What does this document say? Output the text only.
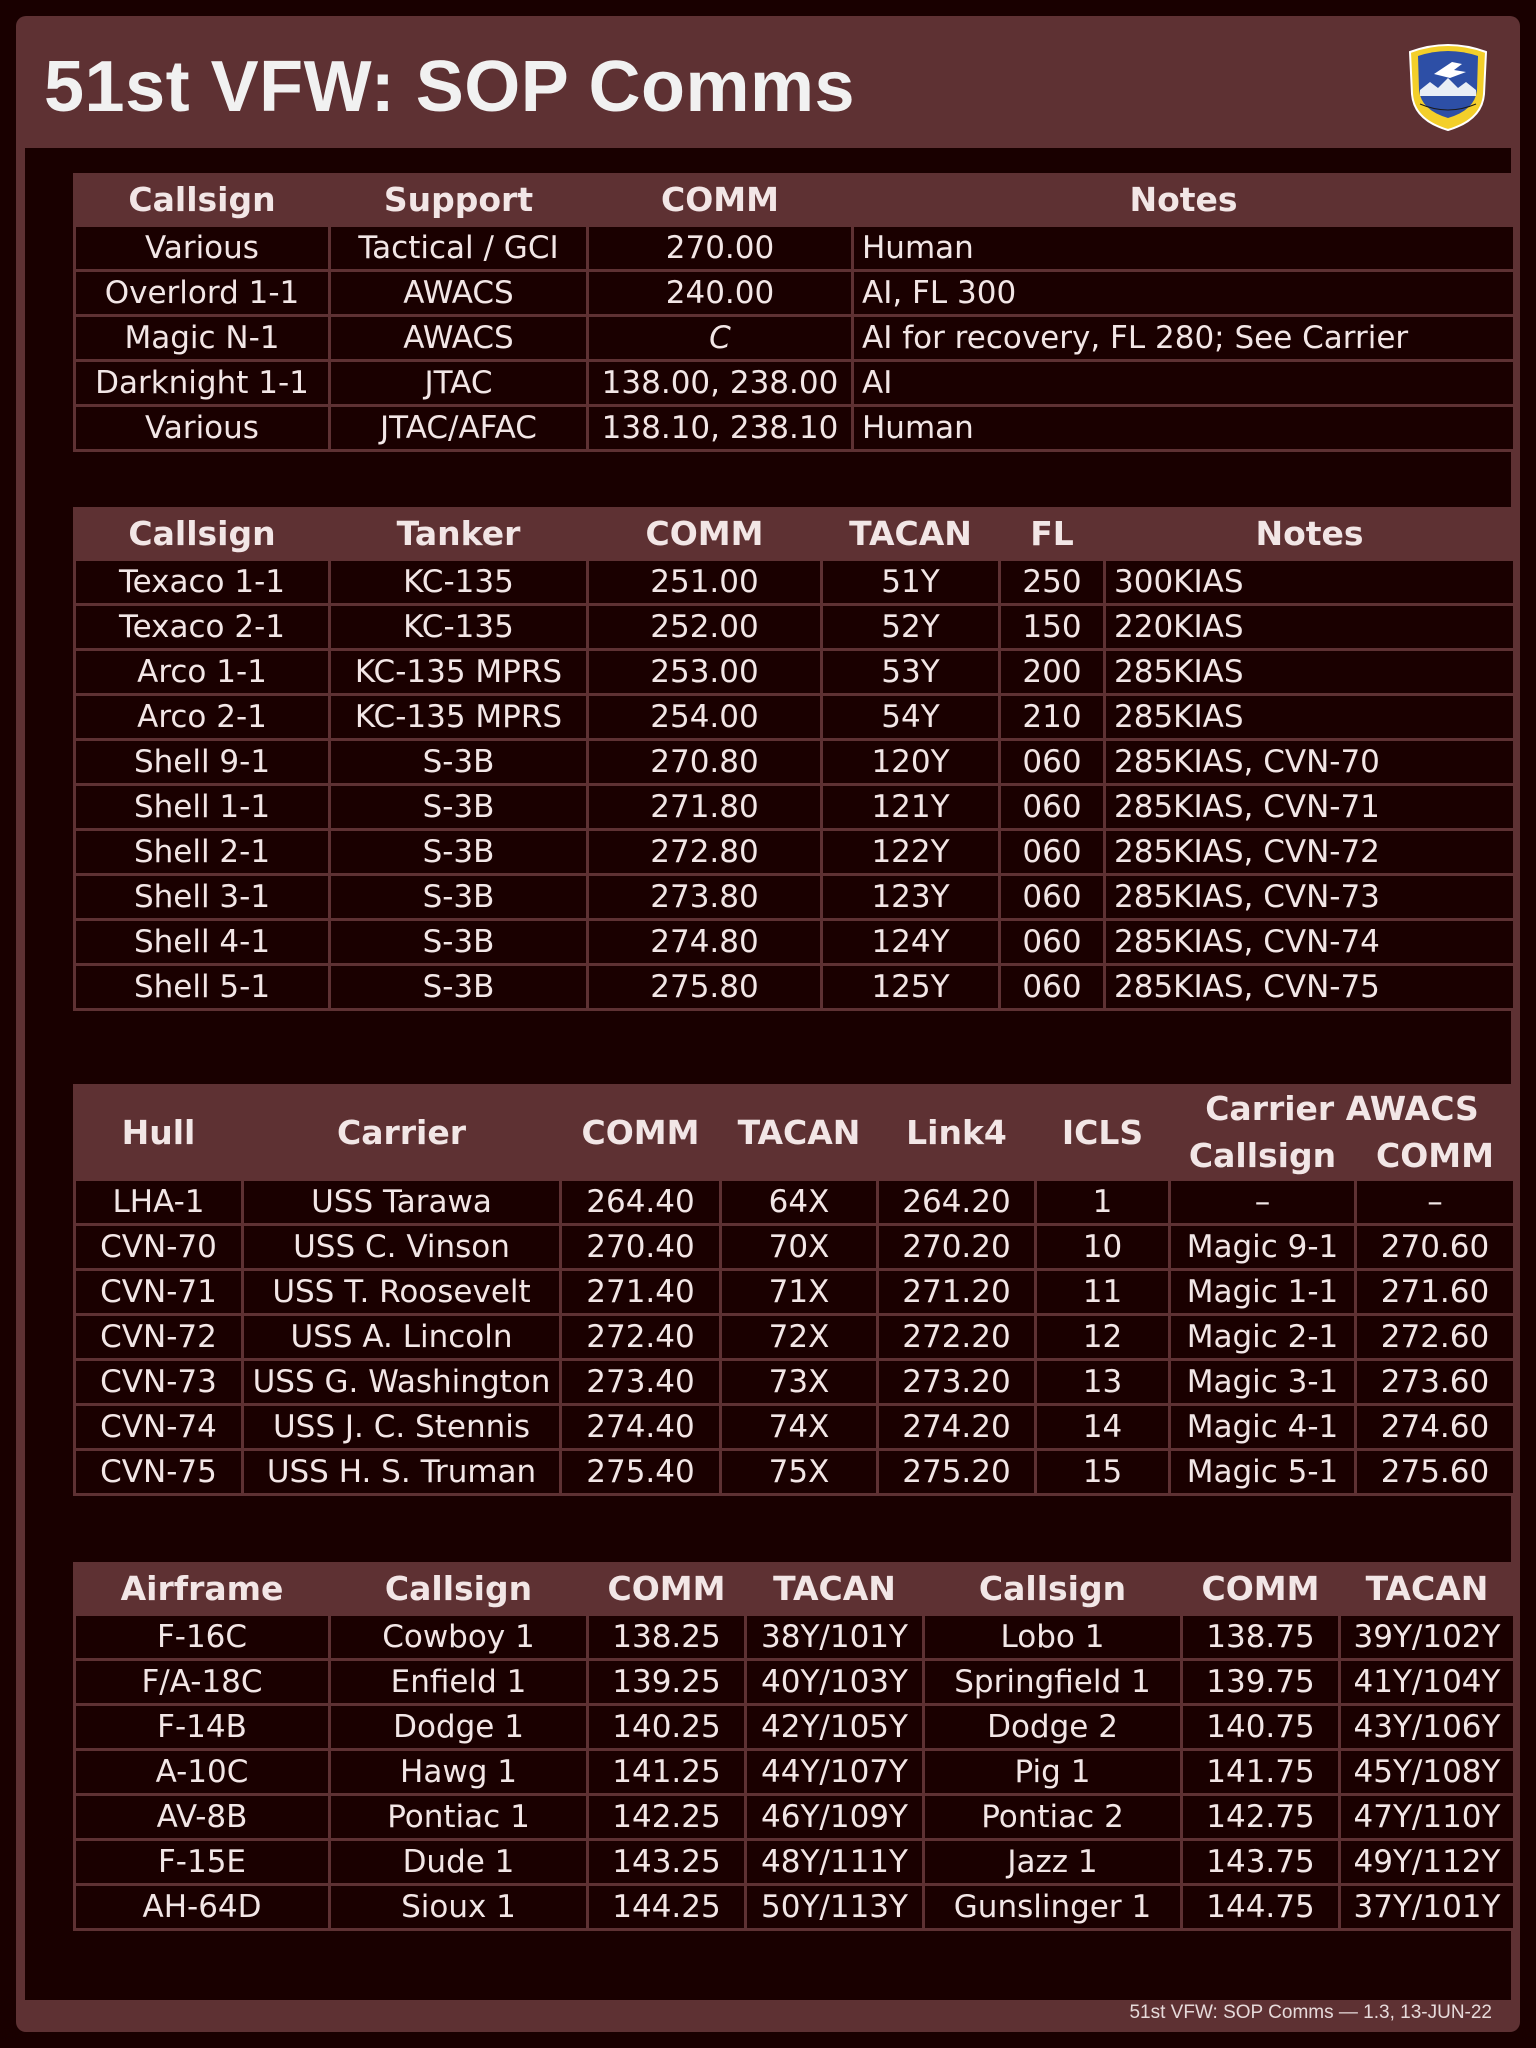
51st VFW: SOP Comms
Callsign	Support	COMM	Notes
Various	Tactical / GCI	270.00	Human
Overlord 1-1	AWACS	240.00	AI, FL 300
Magic N-1	AWACS	C	AI for recovery, FL 280; See Carrier
Darknight 1-1	JTAC	138.00, 238.00	AI
Various	JTAC/AFAC	138.10, 238.10	Human
Callsign	Tanker	COMM	TACAN	FL	Notes
Texaco 1-1	KC-135	251.00	51Y	250	300KIAS
Texaco 2-1	KC-135	252.00	52Y	150	220KIAS
Arco 1-1	KC-135 MPRS	253.00	53Y	200	285KIAS
Arco 2-1	KC-135 MPRS	254.00	54Y	210	285KIAS
Shell 9-1	S-3B	270.80	120Y	060	285KIAS, CVN-70
Shell 1-1	S-3B	271.80	121Y	060	285KIAS, CVN-71
Shell 2-1	S-3B	272.80	122Y	060	285KIAS, CVN-72
Shell 3-1	S-3B	273.80	123Y	060	285KIAS, CVN-73
Shell 4-1	S-3B	274.80	124Y	060	285KIAS, CVN-74
Shell 5-1	S-3B	275.80	125Y	060	285KIAS, CVN-75
Hull	Carrier	COMM	TACAN	Link4	ICLS	Carrier AWACS	
						Callsign	COMM
LHA-1	USS Tarawa	264.40	64X	264.20	1	–	–
CVN-70	USS C. Vinson	270.40	70X	270.20	10	Magic 9-1	270.60
CVN-71	USS T. Roosevelt	271.40	71X	271.20	11	Magic 1-1	271.60
CVN-72	USS A. Lincoln	272.40	72X	272.20	12	Magic 2-1	272.60
CVN-73	USS G. Washington	273.40	73X	273.20	13	Magic 3-1	273.60
CVN-74	USS J. C. Stennis	274.40	74X	274.20	14	Magic 4-1	274.60
CVN-75	USS H. S. Truman	275.40	75X	275.20	15	Magic 5-1	275.60
Airframe	Callsign	COMM	TACAN	Callsign	COMM	TACAN
F-16C	Cowboy 1	138.25	38Y/101Y	Lobo 1	138.75	39Y/102Y
F/A-18C	Enfield 1	139.25	40Y/103Y	Springfield 1	139.75	41Y/104Y
F-14B	Dodge 1	140.25	42Y/105Y	Dodge 2	140.75	43Y/106Y
A-10C	Hawg 1	141.25	44Y/107Y	Pig 1	141.75	45Y/108Y
AV-8B	Pontiac 1	142.25	46Y/109Y	Pontiac 2	142.75	47Y/110Y
F-15E	Dude 1	143.25	48Y/111Y	Jazz 1	143.75	49Y/112Y
AH-64D	Sioux 1	144.25	50Y/113Y	Gunslinger 1	144.75	37Y/101Y
51st VFW: SOP Comms — 1.3, 13-JUN-22
